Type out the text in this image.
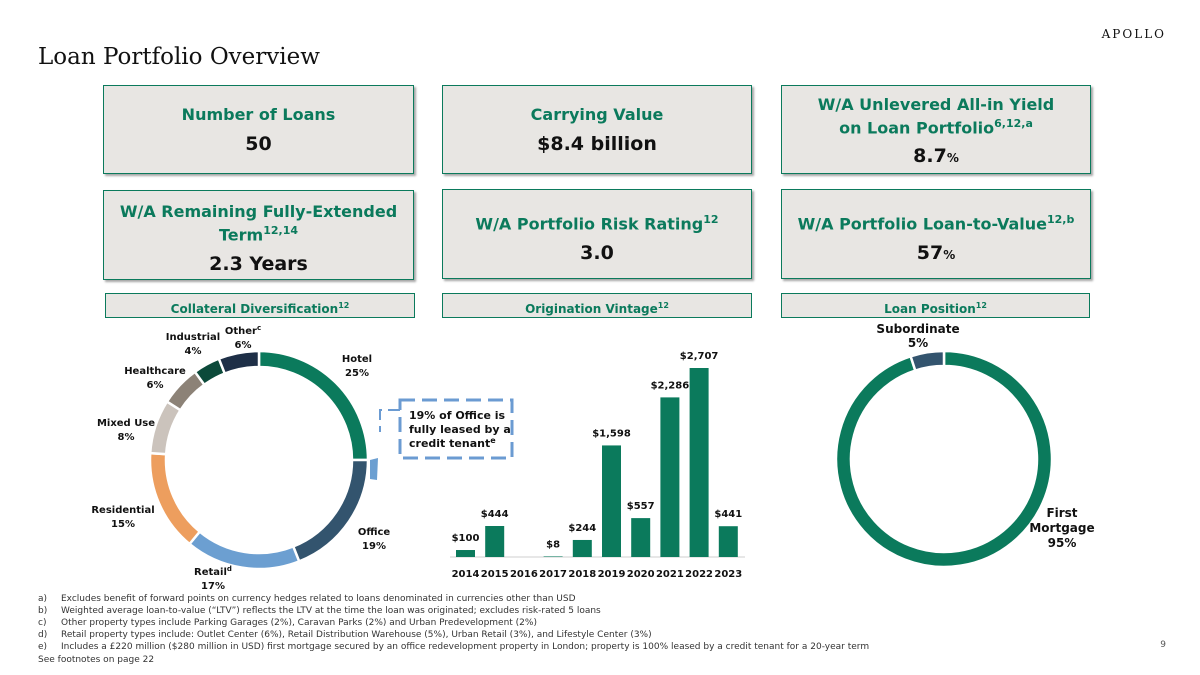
APOLLO
Loan Portfolio Overview
Number of Loans
50
Carrying Value
$8.4 billion
W/A Unlevered All-in Yield
on Loan Portfolio$^{6,12,a}$
8.7%
W/A Remaining Fully-Extended
Term$^{12,14}$
2.3 Years
W/A Portfolio Risk Rating$^{12}$
3.0
W/A Portfolio Loan-to-Value$^{12,b}$
57%
Collateral Diversification$^{12}$	Origination Vintage$^{12}$	Loan Position$^{12}$
Hotel
25%
Office
19%
Retail$^d$
17%
Residential
15%
Mixed Use
8%
Healthcare
6%
Industrial
4%
Other$^c$
6%
$100
2014
$444
2015 2016
$8
2017
$244
2018
$1,598
2019
$557
2020
$2,286
2021
$2,707
2022
$441
2023
First Mortgage
95%
Subordinate
5%
19% of Office is
fully leased by a
credit tenant$^e$
a) Excludes benefit of forward points on currency hedges related to loans denominated in currencies other than USD
b) Weighted average loan-to-value (“LTV”) reflects the LTV at the time the loan was originated; excludes risk-rated 5 loans
c) Other property types include Parking Garages (2%), Caravan Parks (2%) and Urban Predevelopment (2%)
d) Retail property types include: Outlet Center (6%), Retail Distribution Warehouse (5%), Urban Retail (3%), and Lifestyle Center (3%)
e) Includes a £220 million ($280 million in USD) first mortgage secured by an office redevelopment property in London; property is 100% leased by a credit tenant for a 20-year term
See footnotes on page 22
9
